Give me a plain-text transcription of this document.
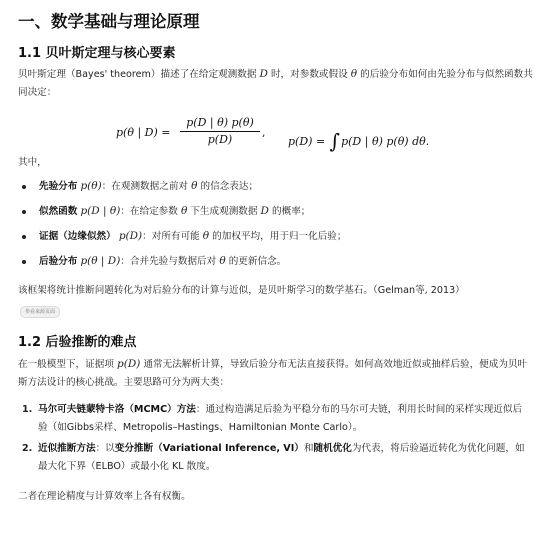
一、数学基础与理论原理
1.1 贝叶斯定理与核心要素

贝叶斯定理（Bayes' theorem）描述了在给定观测数据 D 时，对参数或假设 θ 的后验分布如何由先验分布与似然函数共同决定：

p(θ | $D) = \frac{p(D | \theta) p(\theta)}{p(D)}$ ,
p(D) = ∫p(D | θ) p(θ) dθ.

其中，

先验分布 p(θ)：在观测数据之前对 θ 的信念表达；
似然函数 p(D | θ)：在给定参数 θ 下生成观测数据 D 的概率；
证据（边缘似然） p(D)：对所有可能 θ 的加权平均，用于归一化后验；
后验分布 p(θ | D)：合并先验与数据后对 θ 的更新信念。

该框架将统计推断问题转化为对后验分布的计算与近似，是贝叶斯学习的数学基石。（Gelman等, 2013）

参看来源页面
1.2 后验推断的难点

在一般模型下，证据项 p(D) 通常无法解析计算，导致后验分布无法直接获得。如何高效地近似或抽样后验，便成为贝叶斯方法设计的核心挑战。主要思路可分为两大类：

1. 马尔可夫链蒙特卡洛（MCMC）方法：通过构造满足后验为平稳分布的马尔可夫链，利用长时间的采样实现近似后验（如Gibbs采样、Metropolis–Hastings、Hamiltonian Monte Carlo）。
2. 近似推断方法：以变分推断（Variational Inference, VI）和随机优化为代表，将后验逼近转化为优化问题，如最大化下界（ELBO）或最小化 KL 散度。

二者在理论精度与计算效率上各有权衡。
